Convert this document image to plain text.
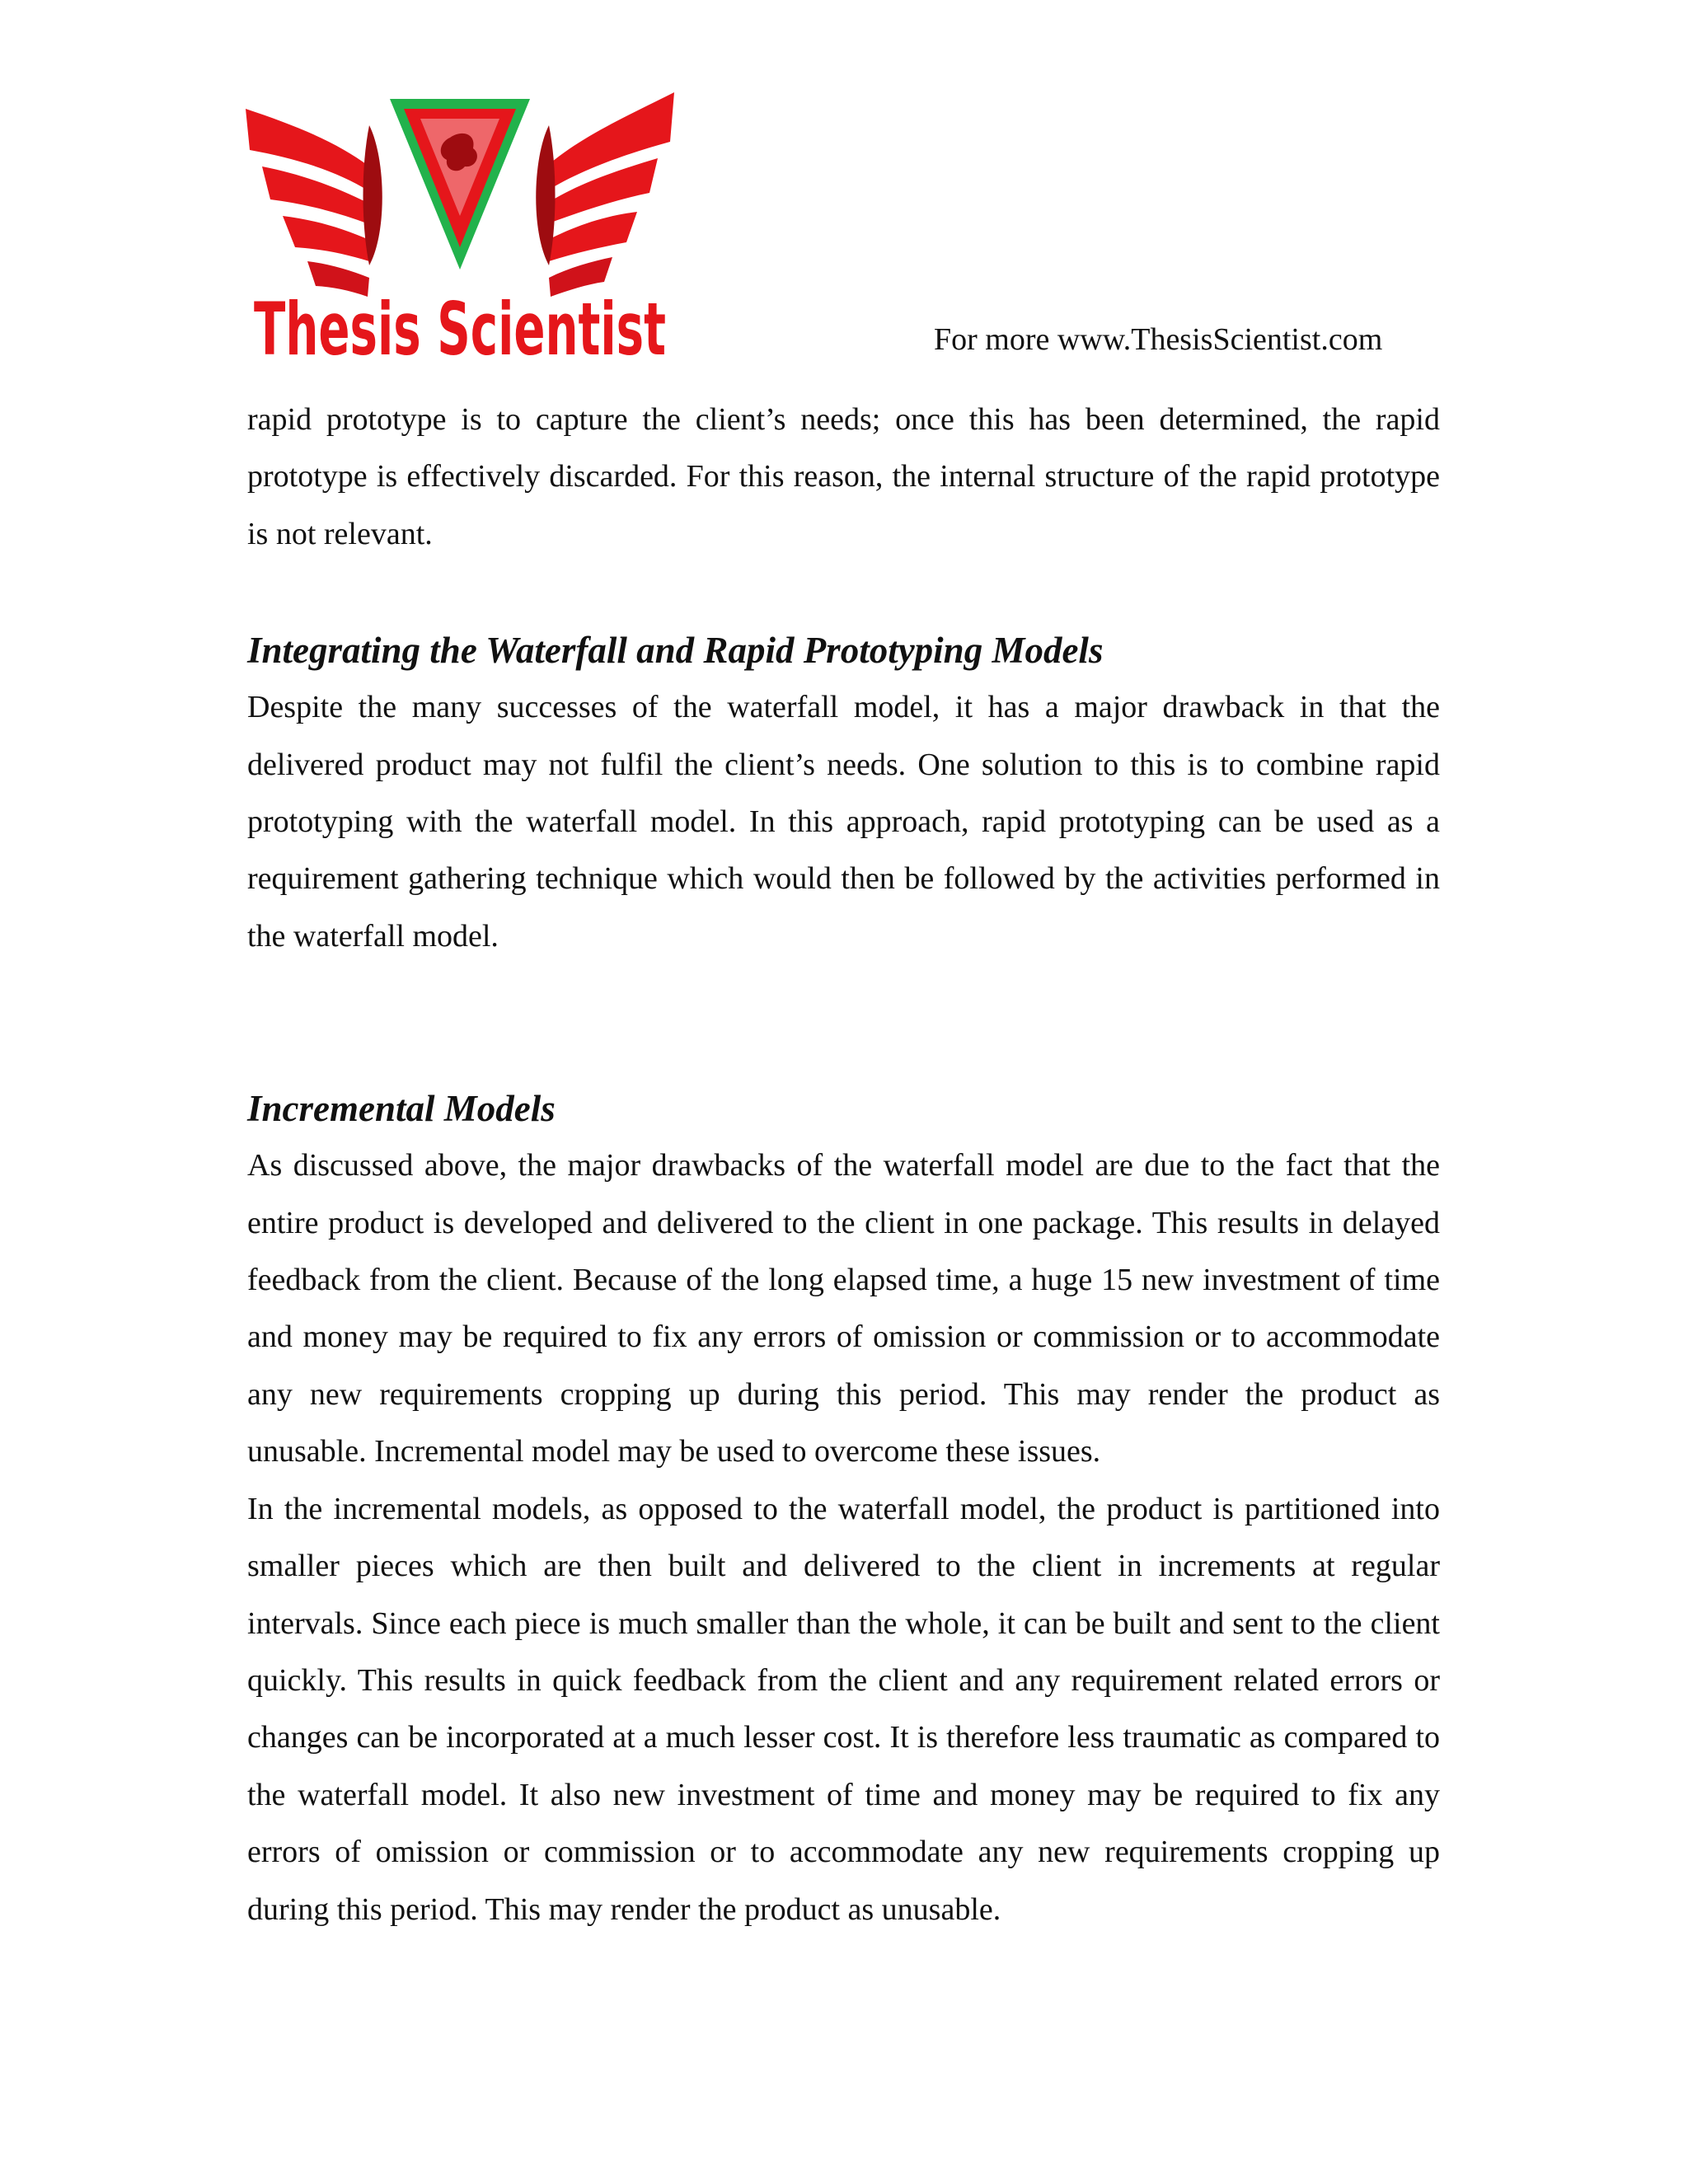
Thesis Scientist	For more www.ThesisScientist.com

rapid prototype is to capture the client’s needs; once this has been determined, the rapid prototype is effectively discarded. For this reason, the internal structure of the rapid prototype is not relevant.

Integrating the Waterfall and Rapid Prototyping Models

Despite the many successes of the waterfall model, it has a major drawback in that the delivered product may not fulfil the client’s needs. One solution to this is to combine rapid prototyping with the waterfall model. In this approach, rapid prototyping can be used as a requirement gathering technique which would then be followed by the activities performed in the waterfall model.

Incremental Models

As discussed above, the major drawbacks of the waterfall model are due to the fact that the entire product is developed and delivered to the client in one package. This results in delayed feedback from the client. Because of the long elapsed time, a huge 15 new investment of time and money may be required to fix any errors of omission or commission or to accommodate any new requirements cropping up during this period. This may render the product as unusable. Incremental model may be used to overcome these issues.

In the incremental models, as opposed to the waterfall model, the product is partitioned into smaller pieces which are then built and delivered to the client in increments at regular intervals. Since each piece is much smaller than the whole, it can be built and sent to the client quickly. This results in quick feedback from the client and any requirement related errors or changes can be incorporated at a much lesser cost. It is therefore less traumatic as compared to the waterfall model. It also new investment of time and money may be required to fix any errors of omission or commission or to accommodate any new requirements cropping up during this period. This may render the product as unusable.
